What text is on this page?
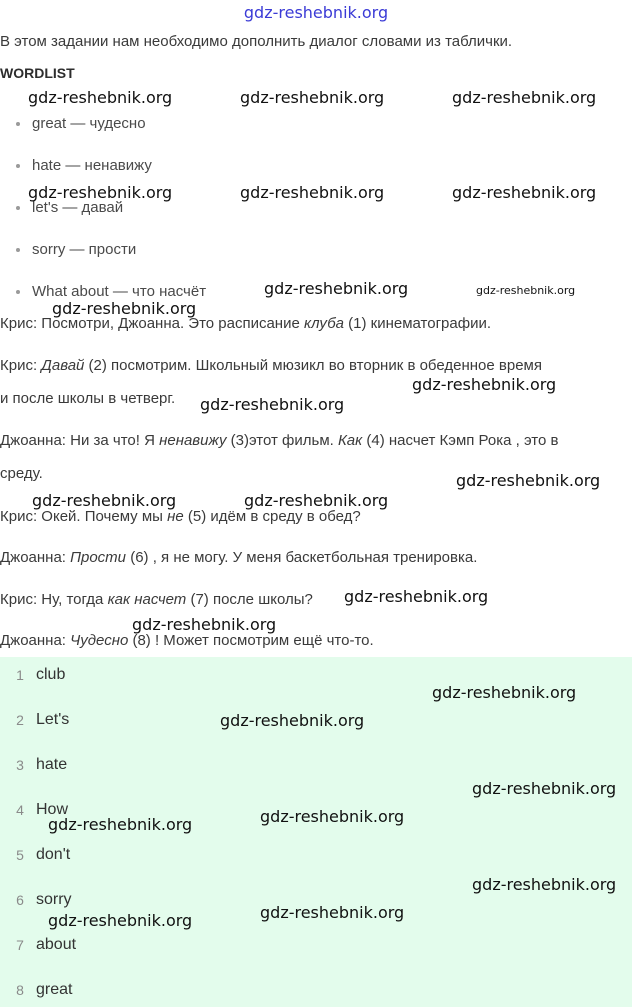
gdz-reshebnik.org
В этом задании нам необходимо дополнить диалог словами из таблички.
WORDLIST
great — чудесно
hate — ненавижу
let's — давай
sorry — прости
What about — что насчёт
Крис: Посмотри, Джоанна. Это расписание клуба (1) кинематографии.
Крис: Давай (2) посмотрим. Школьный мюзикл во вторник в обеденное время
и после школы в четверг.
Джоанна: Ни за что! Я ненавижу (3)этот фильм. Как (4) насчет Кэмп Рока , это в
среду.
Крис: Окей. Почему мы не (5) идём в среду в обед?
Джоанна: Прости (6) , я не могу. У меня баскетбольная тренировка.
Крис: Ну, тогда как насчет (7) после школы?
Джоанна: Чудесно (8) ! Может посмотрим ещё что-то.
1 club
2 Let's
3 hate
4 How
5 don't
6 sorry
7 about
8 great
gdz-reshebnik.org	gdz-reshebnik.org	gdz-reshebnik.org
gdz-reshebnik.org	gdz-reshebnik.org	gdz-reshebnik.org
gdz-reshebnik.org	gdz-reshebnik.org
gdz-reshebnik.org
gdz-reshebnik.org
gdz-reshebnik.org
gdz-reshebnik.org
gdz-reshebnik.org	gdz-reshebnik.org
gdz-reshebnik.org
gdz-reshebnik.org
gdz-reshebnik.org
gdz-reshebnik.org
gdz-reshebnik.org
gdz-reshebnik.org
gdz-reshebnik.org
gdz-reshebnik.org
gdz-reshebnik.org
gdz-reshebnik.org
